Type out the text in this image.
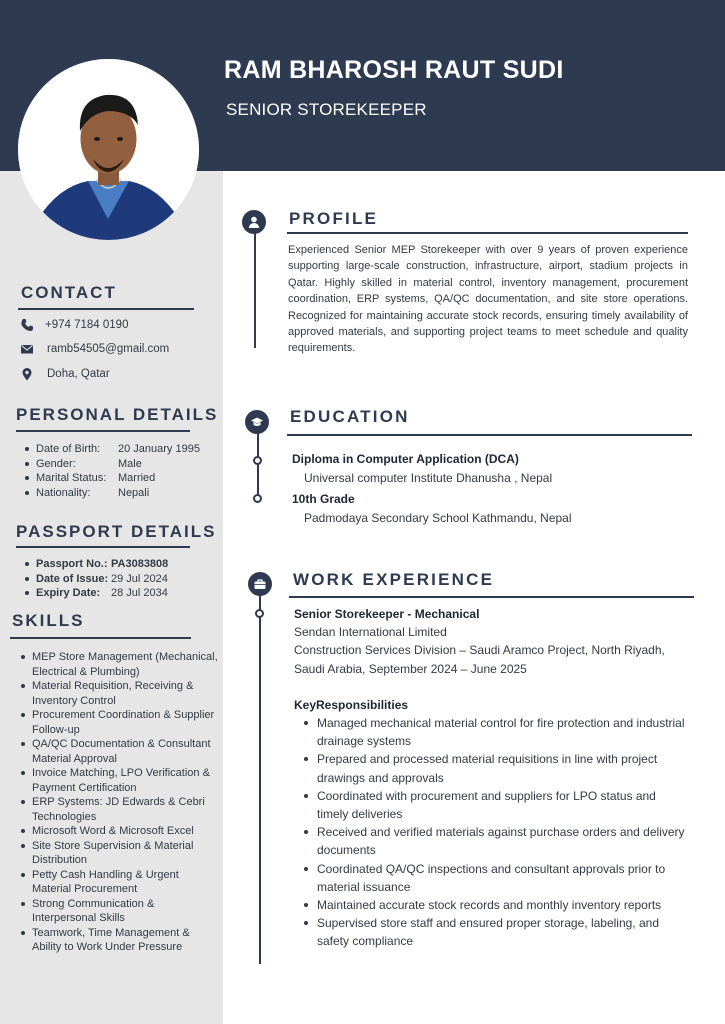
RAM BHAROSH RAUT SUDI
SENIOR STOREKEEPER
CONTACT
+974 7184 0190
ramb54505@gmail.com
Doha, Qatar
PERSONAL DETAILS
Date of Birth:	20 January 1995
Gender:	Male
Marital Status:	Married
Nationality:	Nepali
PASSPORT DETAILS
Passport No.: PA3083808
Date of Issue: 29 Jul 2024
Expiry Date: 28 Jul 2034
SKILLS
MEP Store Management (Mechanical, Electrical & Plumbing)
Material Requisition, Receiving & Inventory Control
Procurement Coordination & Supplier Follow-up
QA/QC Documentation & Consultant Material Approval
Invoice Matching, LPO Verification & Payment Certification
ERP Systems: JD Edwards & Cebri Technologies
Microsoft Word & Microsoft Excel
Site Store Supervision & Material Distribution
Petty Cash Handling & Urgent Material Procurement
Strong Communication & Interpersonal Skills
Teamwork, Time Management & Ability to Work Under Pressure
PROFILE
Experienced Senior MEP Storekeeper with over 9 years of proven experience supporting large-scale construction, infrastructure, airport, stadium projects in Qatar. Highly skilled in material control, inventory management, procurement coordination, ERP systems, QA/QC documentation, and site store operations. Recognized for maintaining accurate stock records, ensuring timely availability of approved materials, and supporting project teams to meet schedule and quality requirements.
EDUCATION
Diploma in Computer Application (DCA)
Universal computer Institute Dhanusha , Nepal
10th Grade
Padmodaya Secondary School Kathmandu, Nepal
WORK EXPERIENCE
Senior Storekeeper - Mechanical
Sendan International Limited
Construction Services Division – Saudi Aramco Project, North Riyadh, Saudi Arabia, September 2024 – June 2025
KeyResponsibilities
Managed mechanical material control for fire protection and industrial drainage systems
Prepared and processed material requisitions in line with project drawings and approvals
Coordinated with procurement and suppliers for LPO status and timely deliveries
Received and verified materials against purchase orders and delivery documents
Coordinated QA/QC inspections and consultant approvals prior to material issuance
Maintained accurate stock records and monthly inventory reports
Supervised store staff and ensured proper storage, labeling, and safety compliance
